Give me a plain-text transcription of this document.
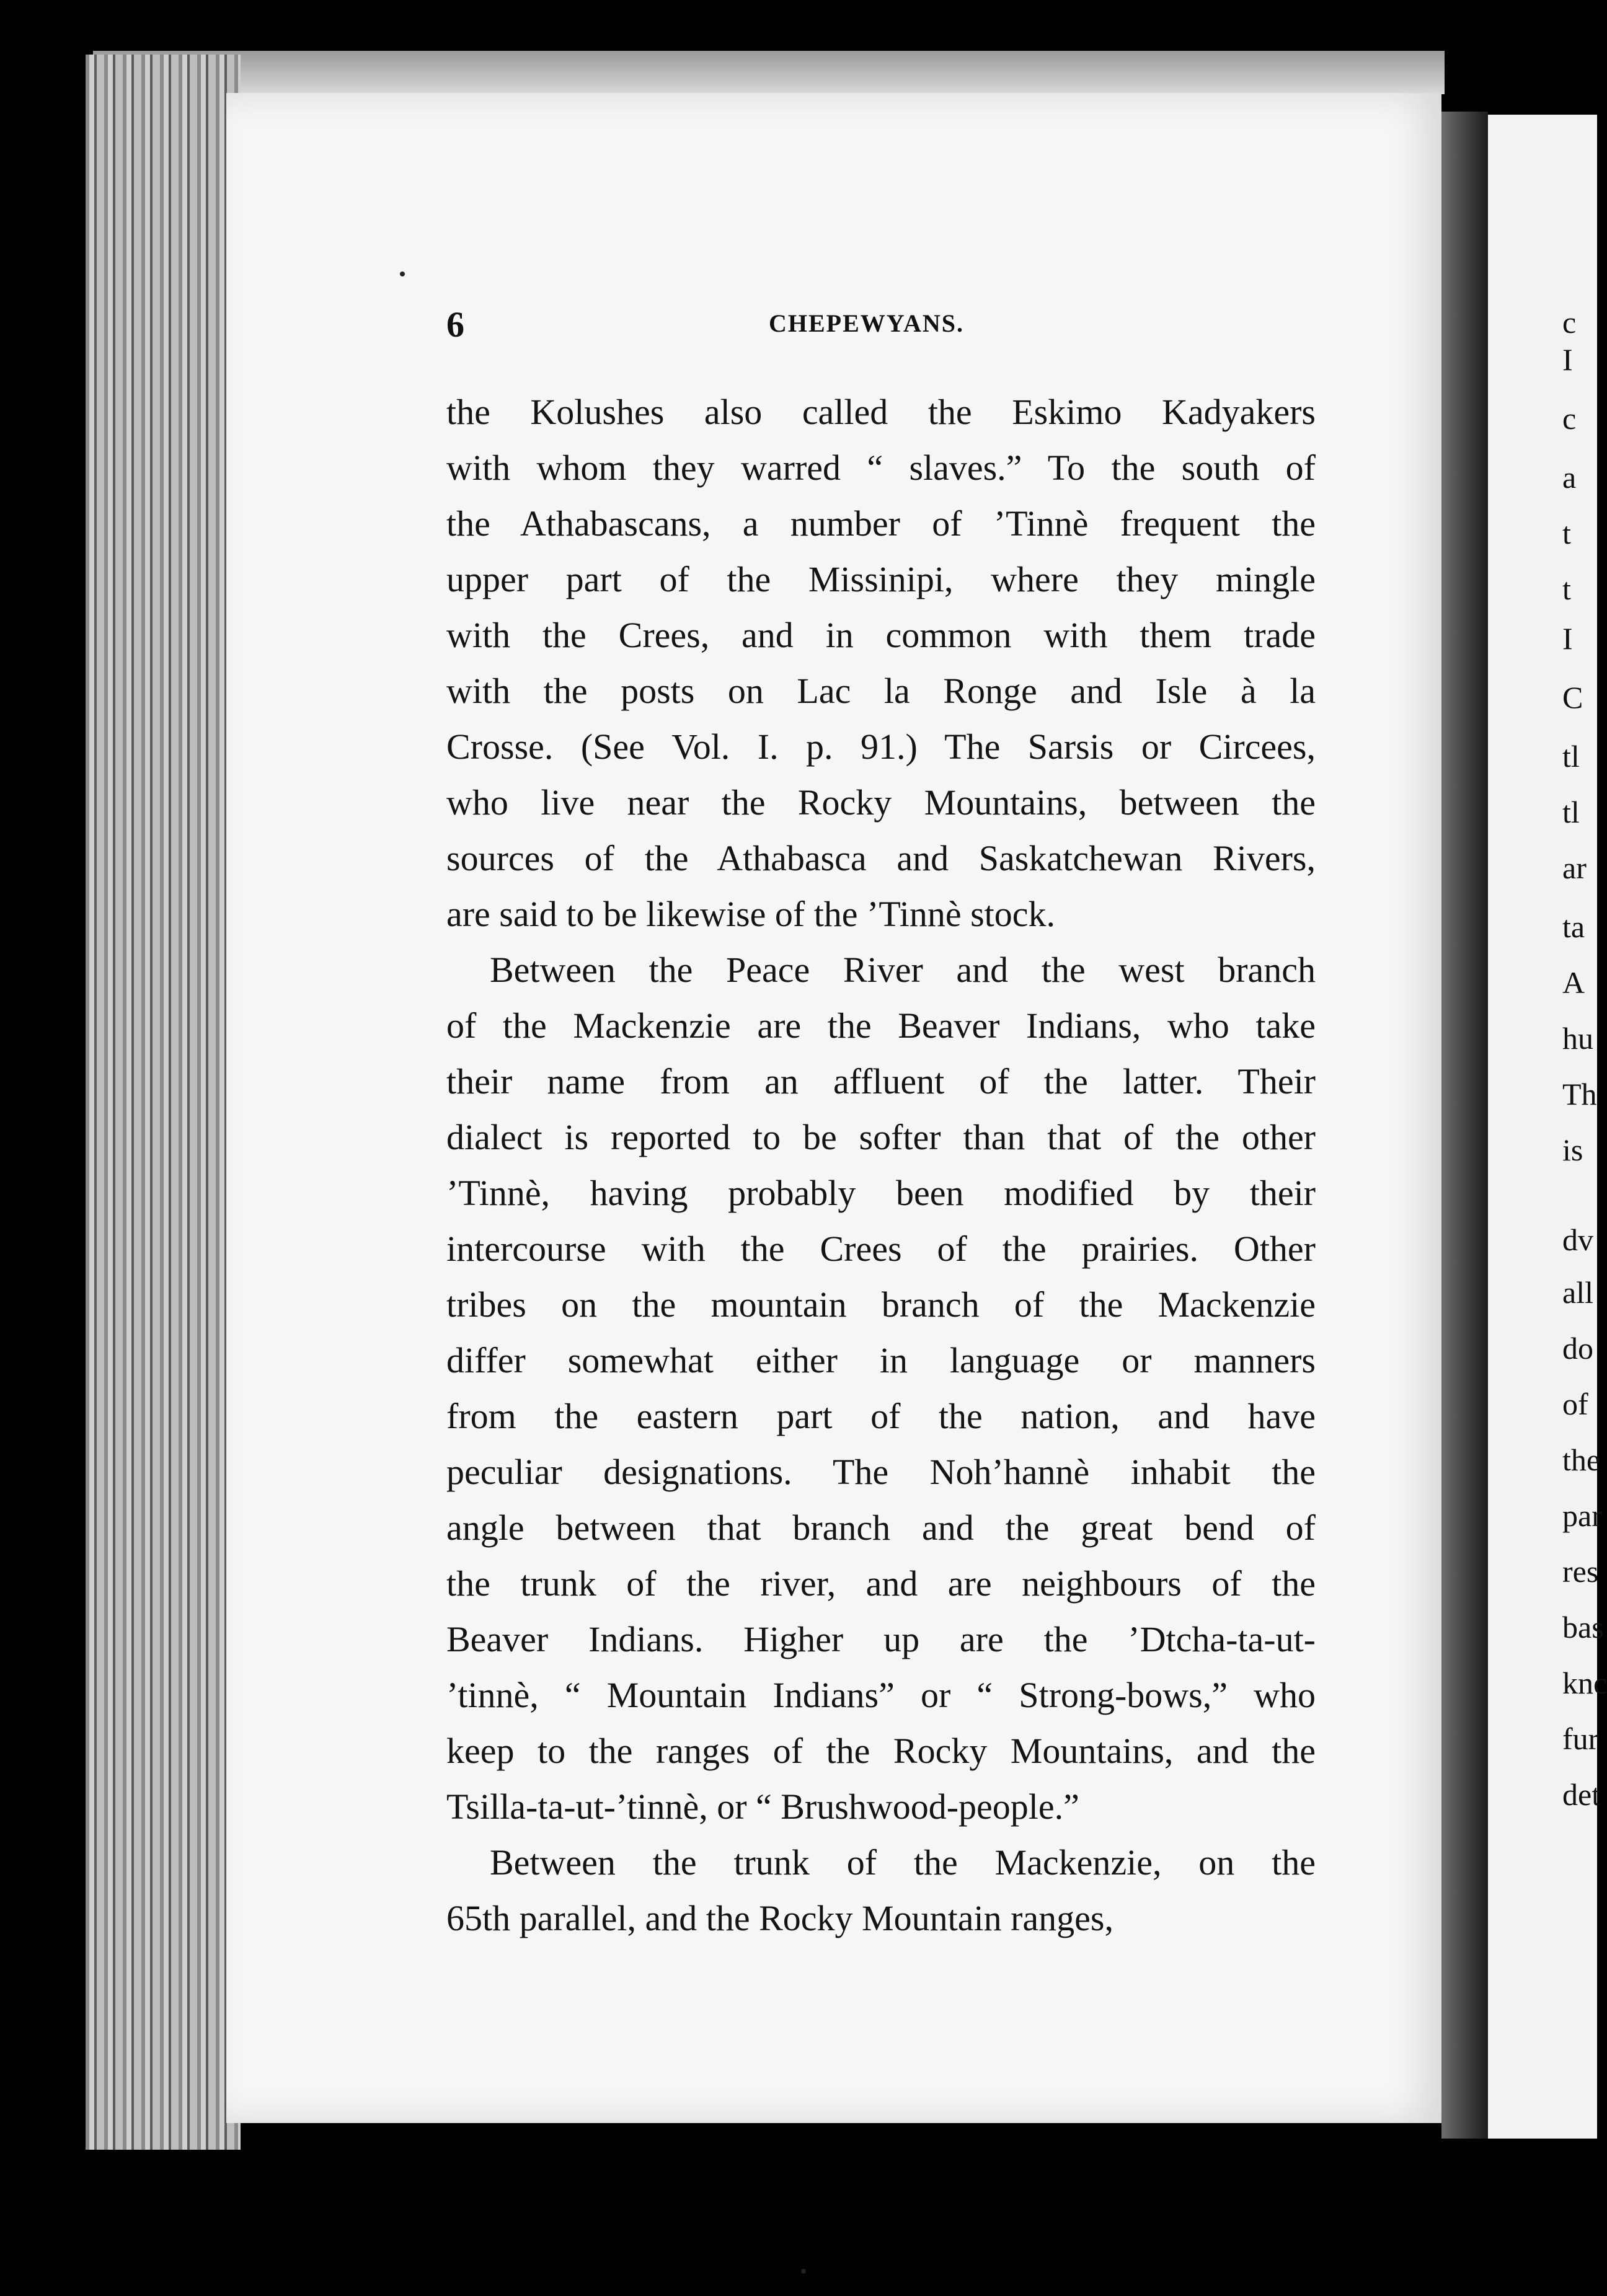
c
I
c
a
t
t
I
C
tl
tl
ar
ta
A
hu
Th
is
dv
all
do
of
the
par
res
bas
knc
fur
det
6	CHEPEWYANS.
the Kolushes also called the Eskimo Kadyakers
with whom they warred “ slaves.” To the south of
the Athabascans, a number of ’Tinnè frequent the
upper part of the Missinipi, where they mingle
with the Crees, and in common with them trade
with the posts on Lac la Ronge and Isle à la
Crosse. (See Vol. I. p. 91.) The Sarsis or Circees,
who live near the Rocky Mountains, between the
sources of the Athabasca and Saskatchewan Rivers,
are said to be likewise of the ’Tinnè stock.
Between the Peace River and the west branch
of the Mackenzie are the Beaver Indians, who take
their name from an affluent of the latter. Their
dialect is reported to be softer than that of the other
’Tinnè, having probably been modified by their
intercourse with the Crees of the prairies. Other
tribes on the mountain branch of the Mackenzie
differ somewhat either in language or manners
from the eastern part of the nation, and have
peculiar designations. The Noh’hannè inhabit the
angle between that branch and the great bend of
the trunk of the river, and are neighbours of the
Beaver Indians. Higher up are the ’Dtcha-ta-ut-
’tinnè, “ Mountain Indians” or “ Strong-bows,” who
keep to the ranges of the Rocky Mountains, and the
Tsilla-ta-ut-’tinnè, or “ Brushwood-people.”
Between the trunk of the Mackenzie, on the
65th parallel, and the Rocky Mountain ranges,
